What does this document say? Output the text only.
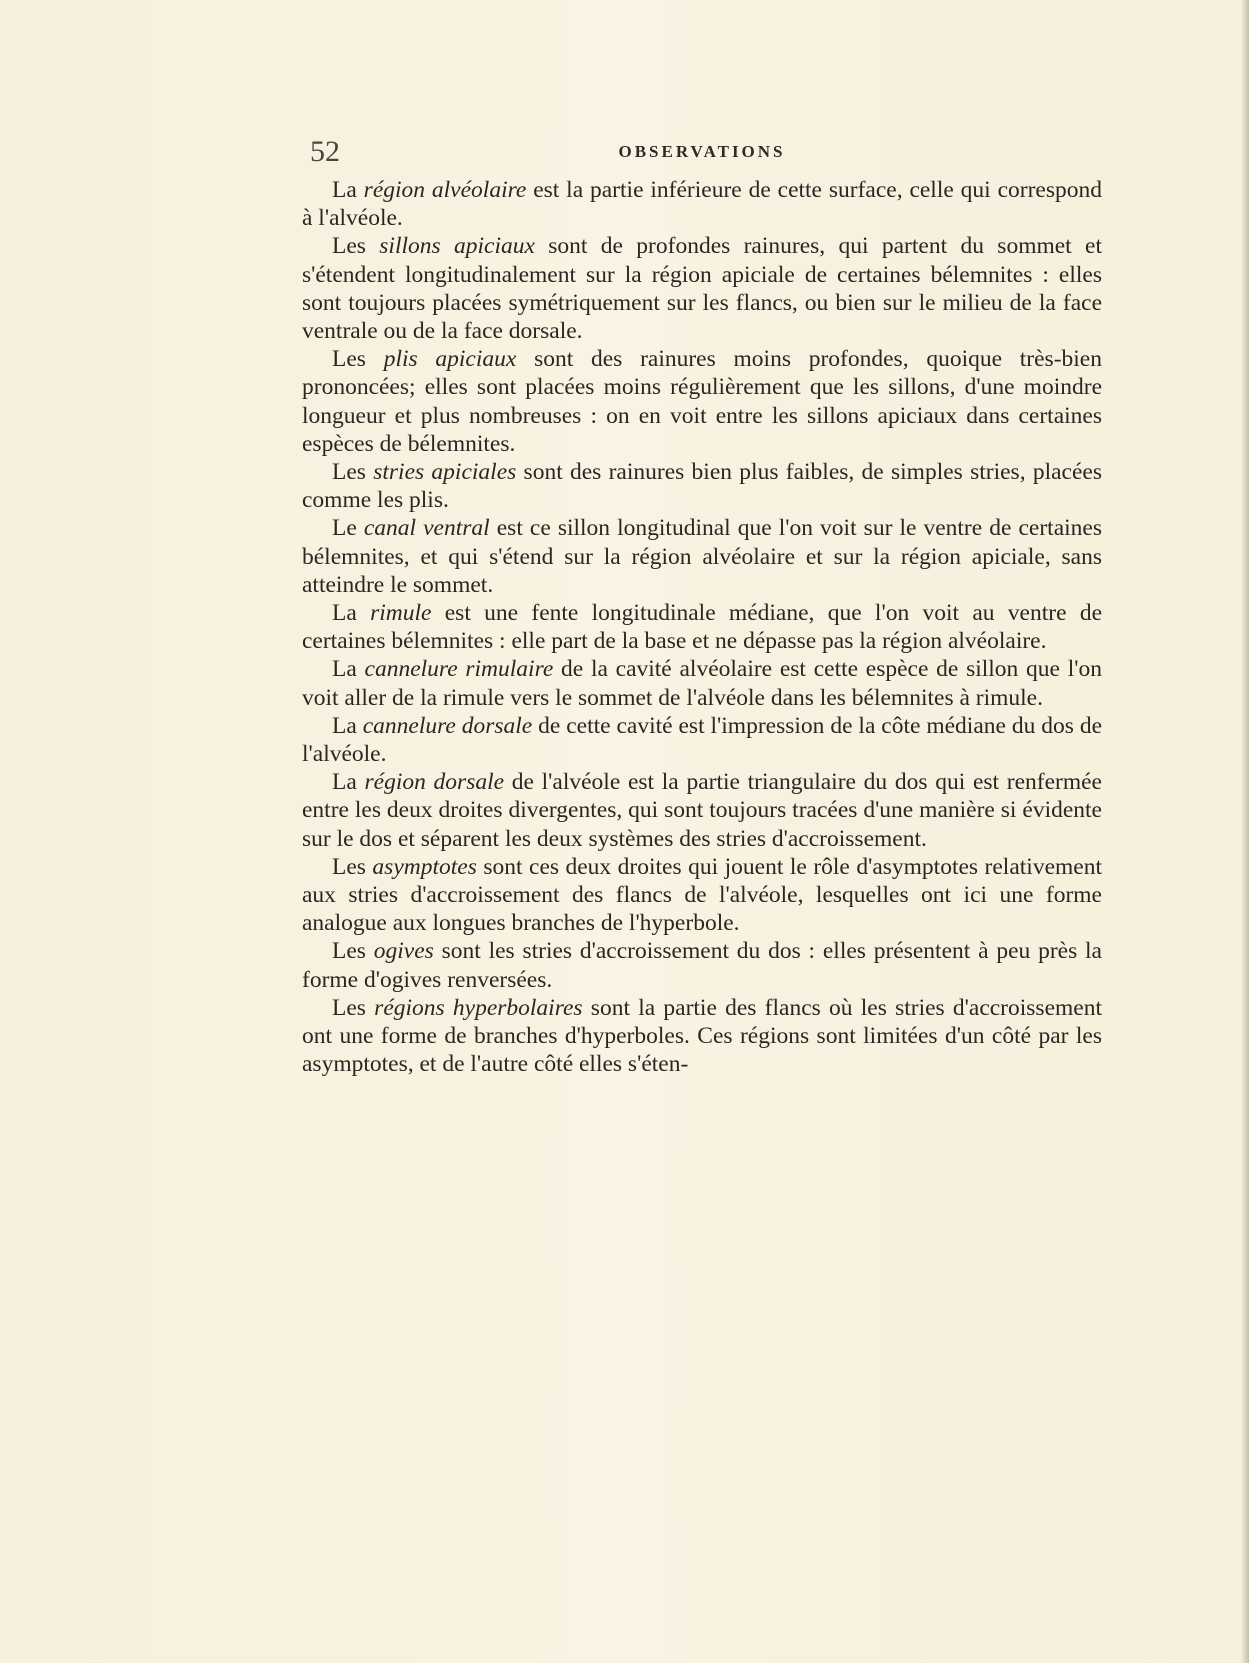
52	OBSERVATIONS

La région alvéolaire est la partie inférieure de cette surface, celle qui correspond à l'alvéole.

Les sillons apiciaux sont de profondes rainures, qui partent du sommet et s'étendent longitudinalement sur la région apiciale de certaines bélemnites : elles sont toujours placées symétriquement sur les flancs, ou bien sur le milieu de la face ventrale ou de la face dorsale.

Les plis apiciaux sont des rainures moins profondes, quoique très-bien prononcées; elles sont placées moins régulièrement que les sillons, d'une moindre longueur et plus nombreuses : on en voit entre les sillons apiciaux dans certaines espèces de bélemnites.

Les stries apiciales sont des rainures bien plus faibles, de simples stries, placées comme les plis.

Le canal ventral est ce sillon longitudinal que l'on voit sur le ventre de certaines bélemnites, et qui s'étend sur la région alvéolaire et sur la région apiciale, sans atteindre le sommet.

La rimule est une fente longitudinale médiane, que l'on voit au ventre de certaines bélemnites : elle part de la base et ne dépasse pas la région alvéolaire.

La cannelure rimulaire de la cavité alvéolaire est cette espèce de sillon que l'on voit aller de la rimule vers le sommet de l'alvéole dans les bélemnites à rimule.

La cannelure dorsale de cette cavité est l'impression de la côte médiane du dos de l'alvéole.

La région dorsale de l'alvéole est la partie triangulaire du dos qui est renfermée entre les deux droites divergentes, qui sont toujours tracées d'une manière si évidente sur le dos et séparent les deux systèmes des stries d'accroissement.

Les asymptotes sont ces deux droites qui jouent le rôle d'asymptotes relativement aux stries d'accroissement des flancs de l'alvéole, lesquelles ont ici une forme analogue aux longues branches de l'hyperbole.

Les ogives sont les stries d'accroissement du dos : elles présentent à peu près la forme d'ogives renversées.

Les régions hyperbolaires sont la partie des flancs où les stries d'accroissement ont une forme de branches d'hyperboles. Ces régions sont limitées d'un côté par les asymptotes, et de l'autre côté elles s'éten-
